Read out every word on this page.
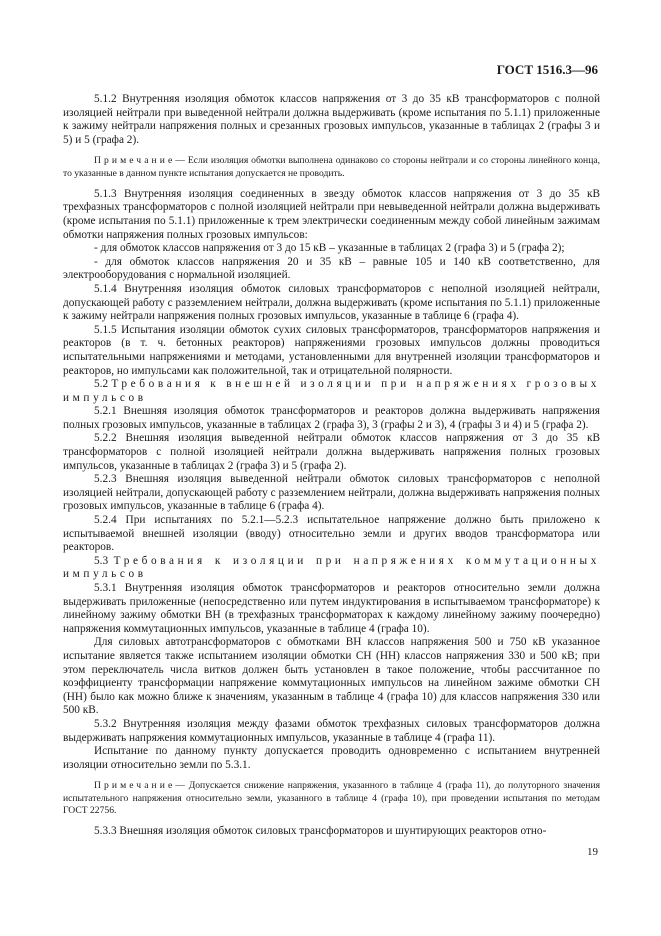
ГОСТ 1516.3—96

5.1.2 Внутренняя изоляция обмоток классов напряжения от 3 до 35 кВ трансформаторов с полной изоляцией нейтрали при выведенной нейтрали должна выдерживать (кроме испытания по 5.1.1) приложенные к зажиму нейтрали напряжения полных и срезанных грозовых импульсов, указанные в таблицах 2 (графы 3 и 5) и 5 (графа 2).

Примечание— Если изоляция обмотки выполнена одинаково со стороны нейтрали и со стороны линейного конца, то указанные в данном пункте испытания допускается не проводить.

5.1.3 Внутренняя изоляция соединенных в звезду обмоток классов напряжения от 3 до 35 кВ трехфазных трансформаторов с полной изоляцией нейтрали при невыведенной нейтрали должна выдерживать (кроме испытания по 5.1.1) приложенные к трем электрически соединенным между собой линейным зажимам обмотки напряжения полных грозовых импульсов:

- для обмоток классов напряжения от 3 до 15 кВ – указанные в таблицах 2 (графа 3) и 5 (графа 2);

- для обмоток классов напряжения 20 и 35 кВ – равные 105 и 140 кВ соответственно, для электрооборудования с нормальной изоляцией.

5.1.4 Внутренняя изоляция обмоток силовых трансформаторов с неполной изоляцией нейтрали, допускающей работу с разземлением нейтрали, должна выдерживать (кроме испытания по 5.1.1) приложенные к зажиму нейтрали напряжения полных грозовых импульсов, указанные в таблице 6 (графа 4).

5.1.5 Испытания изоляции обмоток сухих силовых трансформаторов, трансформаторов напряжения и реакторов (в т. ч. бетонных реакторов) напряжениями грозовых импульсов должны проводиться испытательными напряжениями и методами, установленными для внутренней изоляции трансформаторов и реакторов, но импульсами как положительной, так и отрицательной полярности.

5.2 Требования к внешней изоляции при напряжениях грозовых импульсов

5.2.1 Внешняя изоляция обмоток трансформаторов и реакторов должна выдерживать напряжения полных грозовых импульсов, указанные в таблицах 2 (графа 3), 3 (графы 2 и 3), 4 (графы 3 и 4) и 5 (графа 2).

5.2.2 Внешняя изоляция выведенной нейтрали обмоток классов напряжения от 3 до 35 кВ трансформаторов с полной изоляцией нейтрали должна выдерживать напряжения полных грозовых импульсов, указанные в таблицах 2 (графа 3) и 5 (графа 2).

5.2.3 Внешняя изоляция выведенной нейтрали обмоток силовых трансформаторов с неполной изоляцией нейтрали, допускающей работу с разземлением нейтрали, должна выдерживать напряжения полных грозовых импульсов, указанные в таблице 6 (графа 4).

5.2.4 При испытаниях по 5.2.1—5.2.3 испытательное напряжение должно быть приложено к испытываемой внешней изоляции (вводу) относительно земли и других вводов трансформатора или реакторов.

5.3 Требования к изоляции при напряжениях коммутационных импульсов

5.3.1 Внутренняя изоляция обмоток трансформаторов и реакторов относительно земли должна выдерживать приложенные (непосредственно или путем индуктирования в испытываемом трансформаторе) к линейному зажиму обмотки ВН (в трехфазных трансформаторах к каждому линейному зажиму поочередно) напряжения коммутационных импульсов, указанные в таблице 4 (графа 10).

Для силовых автотрансформаторов с обмотками ВН классов напряжения 500 и 750 кВ указанное испытание является также испытанием изоляции обмотки СН (НН) классов напряжения 330 и 500 кВ; при этом переключатель числа витков должен быть установлен в такое положение, чтобы рассчитанное по коэффициенту трансформации напряжение коммутационных импульсов на линейном зажиме обмотки СН (НН) было как можно ближе к значениям, указанным в таблице 4 (графа 10) для классов напряжения 330 или 500 кВ.

5.3.2 Внутренняя изоляция между фазами обмоток трехфазных силовых трансформаторов должна выдерживать напряжения коммутационных импульсов, указанные в таблице 4 (графа 11).

Испытание по данному пункту допускается проводить одновременно с испытанием внутренней изоляции относительно земли по 5.3.1.

Примечание— Допускается снижение напряжения, указанного в таблице 4 (графа 11), до полуторного значения испытательного напряжения относительно земли, указанного в таблице 4 (графа 10), при проведении испытания по методам ГОСТ 22756.

5.3.3 Внешняя изоляция обмоток силовых трансформаторов и шунтирующих реакторов отно-

19
